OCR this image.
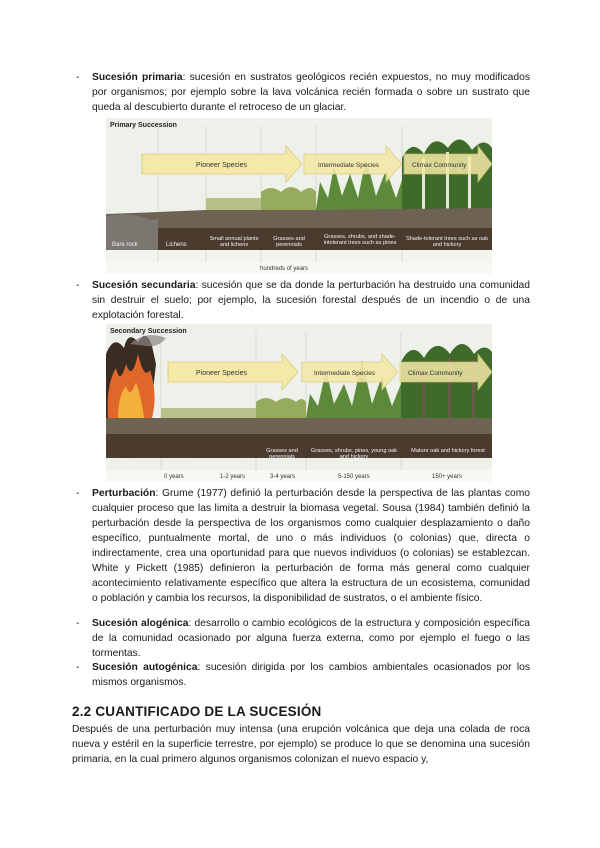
- Sucesión primaria: sucesión en sustratos geológicos recién expuestos, no muy modificados por organismos; por ejemplo sobre la lava volcánica recién formada o sobre un sustrato que queda al descubierto durante el retroceso de un glaciar.

Primary Succession
Pioneer Species	Intermediate Species	Climax Community
Bare rock	Lichens
Small annual plants and lichens
Grasses and perennials
Grasses, shrubs, and shade-intolerant trees such as pines
Shade-tolerant trees such as oak and hickory
hundreds of years
- Sucesión secundaria: sucesión que se da donde la perturbación ha destruido una comunidad sin destruir el suelo; por ejemplo, la sucesión forestal después de un incendio o de una explotación forestal.

Secondary Succession
Pioneer Species	Intermediate Species	Climax Community
Fire	Annual plants
Grasses and perennials
Grasses, shrubs, pines, young oak and hickory
Mature oak and hickory forest
0 years	1-2 years	3-4 years	5-150 years	150+ years
- Perturbación: Grume (1977) definió la perturbación desde la perspectiva de las plantas como cualquier proceso que las limita a destruir la biomasa vegetal. Sousa (1984) también definió la perturbación desde la perspectiva de los organismos como cualquier desplazamiento o daño específico, puntualmente mortal, de uno o más individuos (o colonias) que, directa o indirectamente, crea una oportunidad para que nuevos individuos (o colonias) se establezcan. White y Pickett (1985) definieron la perturbación de forma más general como cualquier acontecimiento relativamente específico que altera la estructura de un ecosistema, comunidad o población y cambia los recursos, la disponibilidad de sustratos, o el ambiente físico.

- Sucesión alogénica: desarrollo o cambio ecológicos de la estructura y composición específica de la comunidad ocasionado por alguna fuerza externa, como por ejemplo el fuego o las tormentas.

- Sucesión autogénica: sucesión dirigida por los cambios ambientales ocasionados por los mismos organismos.

2.2 CUANTIFICADO DE LA SUCESIÓN

Después de una perturbación muy intensa (una erupción volcánica que deja una colada de roca nueva y estéril en la superficie terrestre, por ejemplo) se produce lo que se denomina una sucesión primaria, en la cual primero algunos organismos colonizan el nuevo espacio y,
